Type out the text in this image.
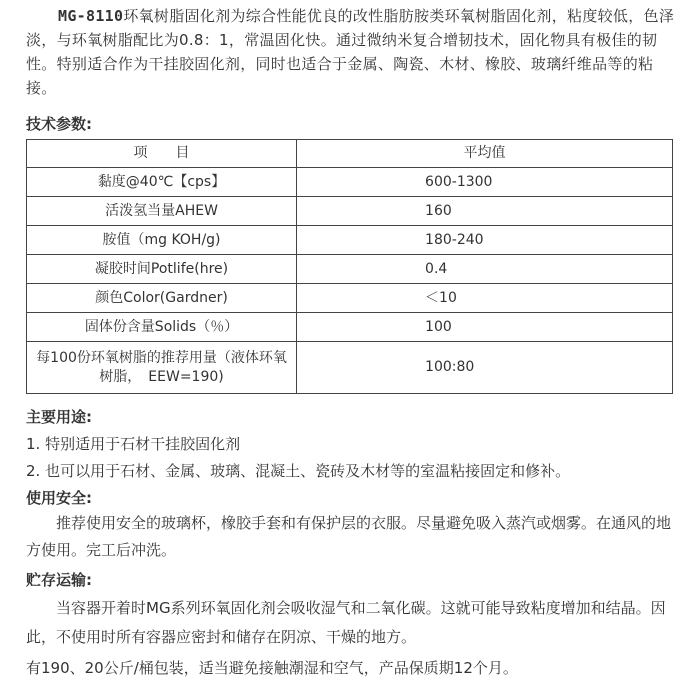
MG-8110环氧树脂固化剂为综合性能优良的改性脂肪胺类环氧树脂固化剂，粘度较低，色泽淡，与环氧树脂配比为0.8：1，常温固化快。通过微纳米复合增韧技术，固化物具有极佳的韧性。特别适合作为干挂胶固化剂，同时也适合于金属、陶瓷、木材、橡胶、玻璃纤维品等的粘接。

技术参数:
项　　目	平均值
黏度@40℃【cps】	600-1300
活泼氢当量AHEW	160
胺值（mg KOH/g)	180-240
凝胶时间Potlife(hre)	0.4
颜色Color(Gardner)	＜10
固体份含量Solids（％）	100
每100份环氧树脂的推荐用量（液体环氧树脂，　EEW=190)	100:80
主要用途:
1. 特别适用于石材干挂胶固化剂
2. 也可以用于石材、金属、玻璃、混凝土、瓷砖及木材等的室温粘接固定和修补。
使用安全:

推荐使用安全的玻璃杯，橡胶手套和有保护层的衣服。尽量避免吸入蒸汽或烟雾。在通风的地方使用。完工后冲洗。

贮存运输:

当容器开着时MG系列环氧固化剂会吸收湿气和二氧化碳。这就可能导致粘度增加和结晶。因此，不使用时所有容器应密封和储存在阴凉、干燥的地方。

有190、20公斤/桶包装，适当避免接触潮湿和空气，产品保质期12个月。
